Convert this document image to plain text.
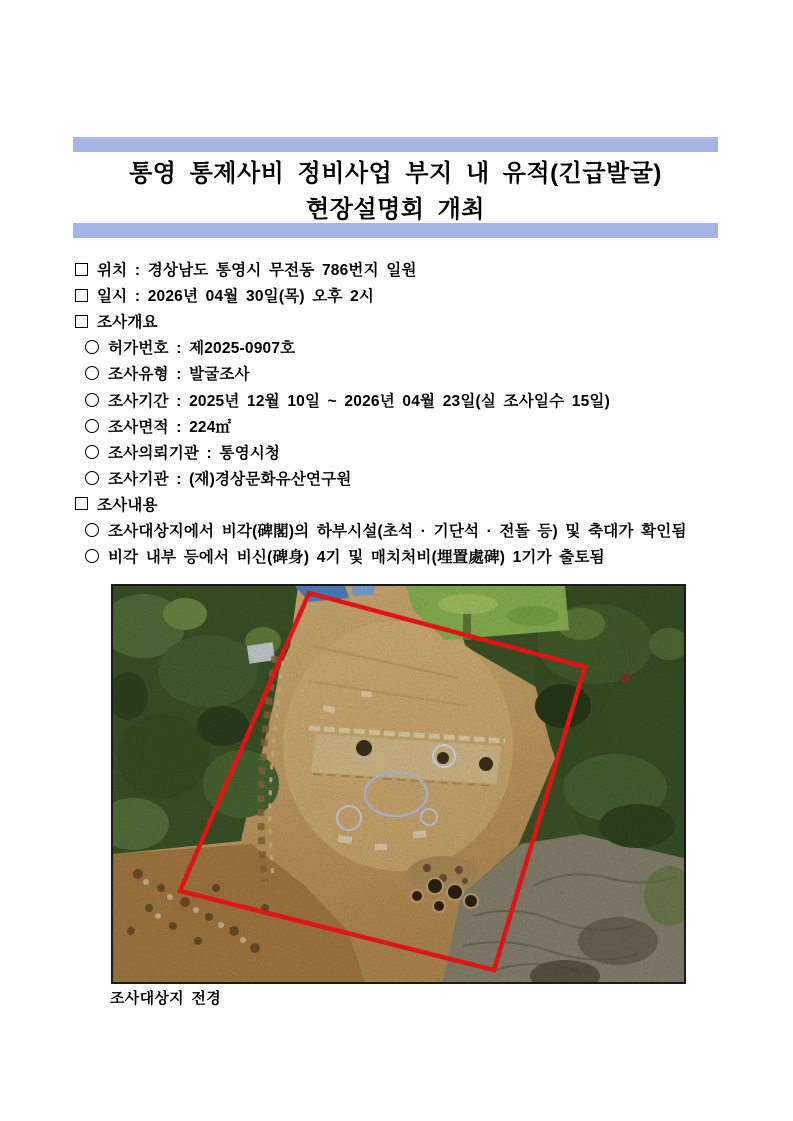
통영 통제사비 정비사업 부지 내 유적(긴급발굴)
현장설명회 개최
위치 : 경상남도 통영시 무전동 786번지 일원
일시 : 2026년 04월 30일(목) 오후 2시
조사개요
허가번호 : 제2025-0907호
조사유형 : 발굴조사
조사기간 : 2025년 12월 10일 ~ 2026년 04월 23일(실 조사일수 15일)
조사면적 : 224㎡
조사의뢰기관 : 통영시청
조사기관 : (재)경상문화유산연구원
조사내용
조사대상지에서 비각(碑閣)의 하부시설(초석 · 기단석 · 전돌 등) 및 축대가 확인됨
비각 내부 등에서 비신(碑身) 4기 및 매치처비(埋置處碑) 1기가 출토됨
조사대상지 전경
